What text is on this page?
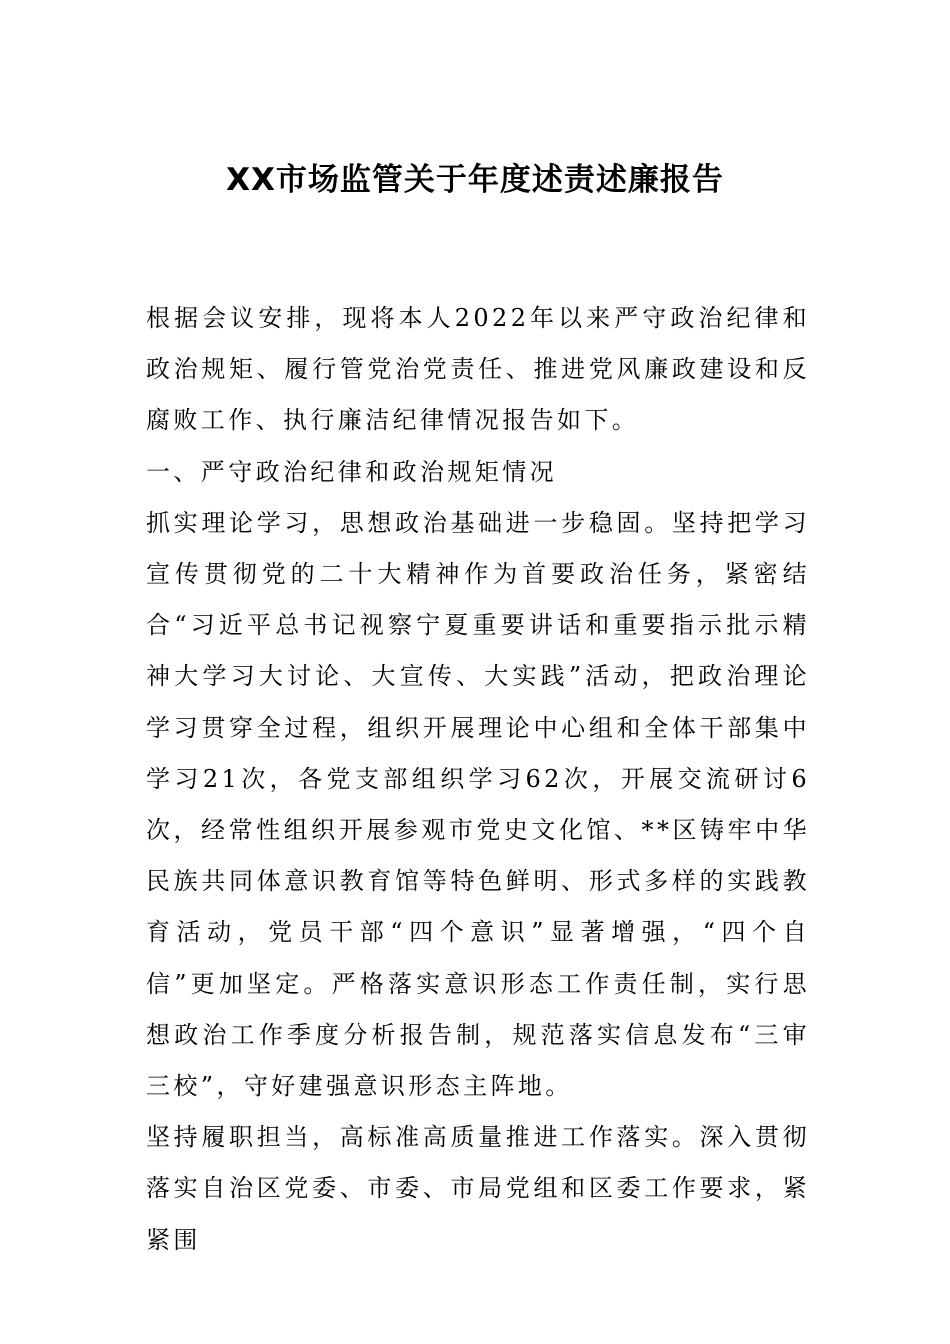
XX市场监管关于年度述责述廉报告

根据会议安排，现将本人2022年以来严守政治纪律和政治规矩、履行管党治党责任、推进党风廉政建设和反腐败工作、执行廉洁纪律情况报告如下。

一、严守政治纪律和政治规矩情况

抓实理论学习，思想政治基础进一步稳固。坚持把学习宣传贯彻党的二十大精神作为首要政治任务，紧密结合“习近平总书记视察宁夏重要讲话和重要指示批示精神大学习大讨论、大宣传、大实践”活动，把政治理论学习贯穿全过程，组织开展理论中心组和全体干部集中学习21次，各党支部组织学习62次，开展交流研讨6次，经常性组织开展参观市党史文化馆、**区铸牢中华民族共同体意识教育馆等特色鲜明、形式多样的实践教育活动，党员干部“四个意识”显著增强，“四个自信”更加坚定。严格落实意识形态工作责任制，实行思想政治工作季度分析报告制，规范落实信息发布“三审三校”，守好建强意识形态主阵地。

坚持履职担当，高标准高质量推进工作落实。深入贯彻落实自治区党委、市委、市局党组和区委工作要求，紧紧围
